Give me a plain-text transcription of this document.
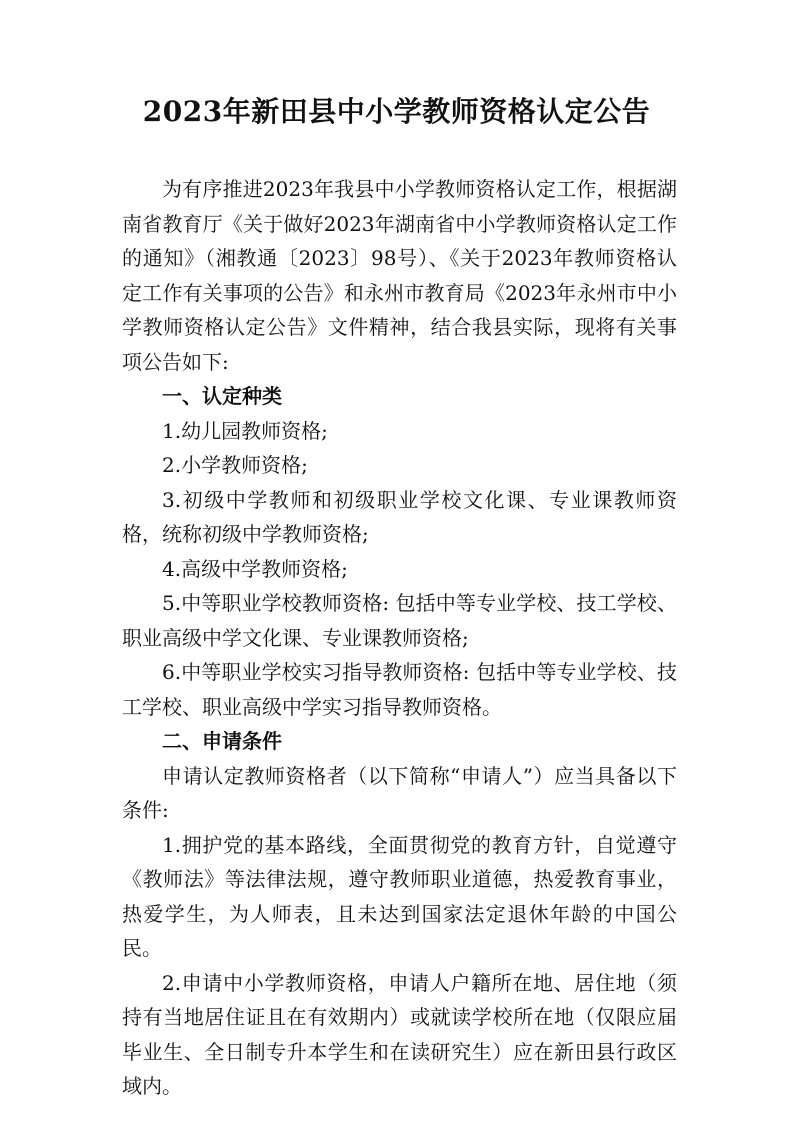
2023年新田县中小学教师资格认定公告

为有序推进2023年我县中小学教师资格认定工作，根据湖南省教育厅《关于做好2023年湖南省中小学教师资格认定工作的通知》（湘教通〔2023〕98号）、《关于2023年教师资格认定工作有关事项的公告》和永州市教育局《2023年永州市中小学教师资格认定公告》文件精神，结合我县实际，现将有关事项公告如下:

一、认定种类

1.幼儿园教师资格;

2.小学教师资格;

3.初级中学教师和初级职业学校文化课、专业课教师资格，统称初级中学教师资格;

4.高级中学教师资格;

5.中等职业学校教师资格: 包括中等专业学校、技工学校、职业高级中学文化课、专业课教师资格;

6.中等职业学校实习指导教师资格: 包括中等专业学校、技工学校、职业高级中学实习指导教师资格。

二、申请条件

申请认定教师资格者（以下简称“申请人”）应当具备以下条件:

1.拥护党的基本路线，全面贯彻党的教育方针，自觉遵守《教师法》等法律法规，遵守教师职业道德，热爱教育事业，热爱学生，为人师表，且未达到国家法定退休年龄的中国公民。

2.申请中小学教师资格，申请人户籍所在地、居住地（须持有当地居住证且在有效期内）或就读学校所在地（仅限应届毕业生、全日制专升本学生和在读研究生）应在新田县行政区域内。
